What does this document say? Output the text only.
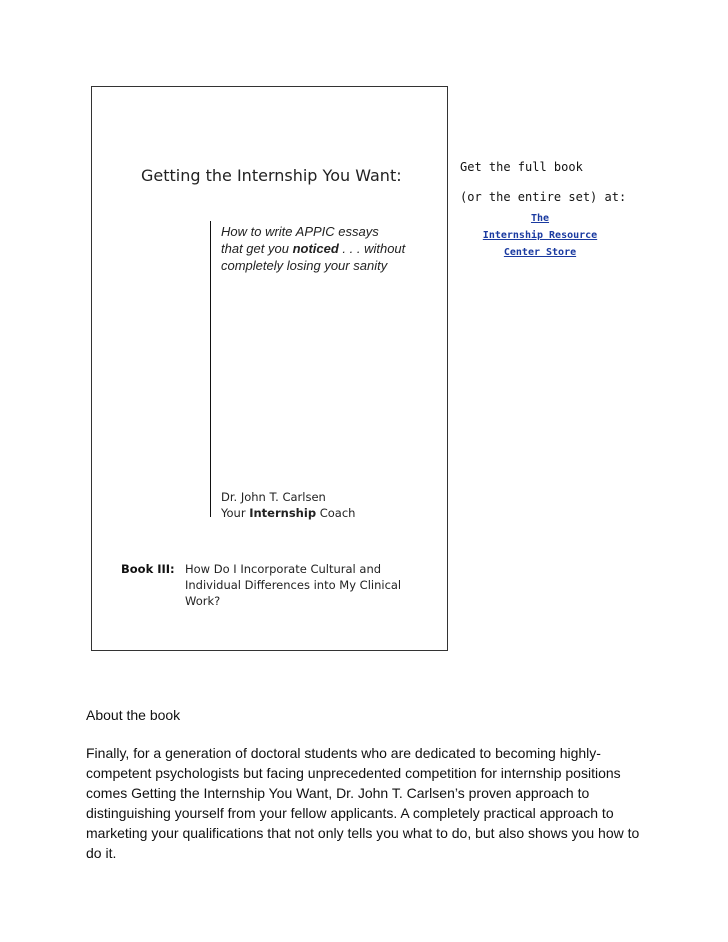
Getting the Internship You Want:
How to write APPIC essays
that get you noticed . . . without
completely losing your sanity
Dr. John T. Carlsen
Your Internship Coach
Book III: How Do I Incorporate Cultural and Individual Differences into My Clinical Work?
Get the full book
(or the entire set) at:
The
Internship Resource
Center Store
About the book

Finally, for a generation of doctoral students who are dedicated to becoming highly-competent psychologists but facing unprecedented competition for internship positions comes Getting the Internship You Want, Dr. John T. Carlsen’s proven approach to distinguishing yourself from your fellow applicants. A completely practical approach to marketing your qualifications that not only tells you what to do, but also shows you how to do it.
